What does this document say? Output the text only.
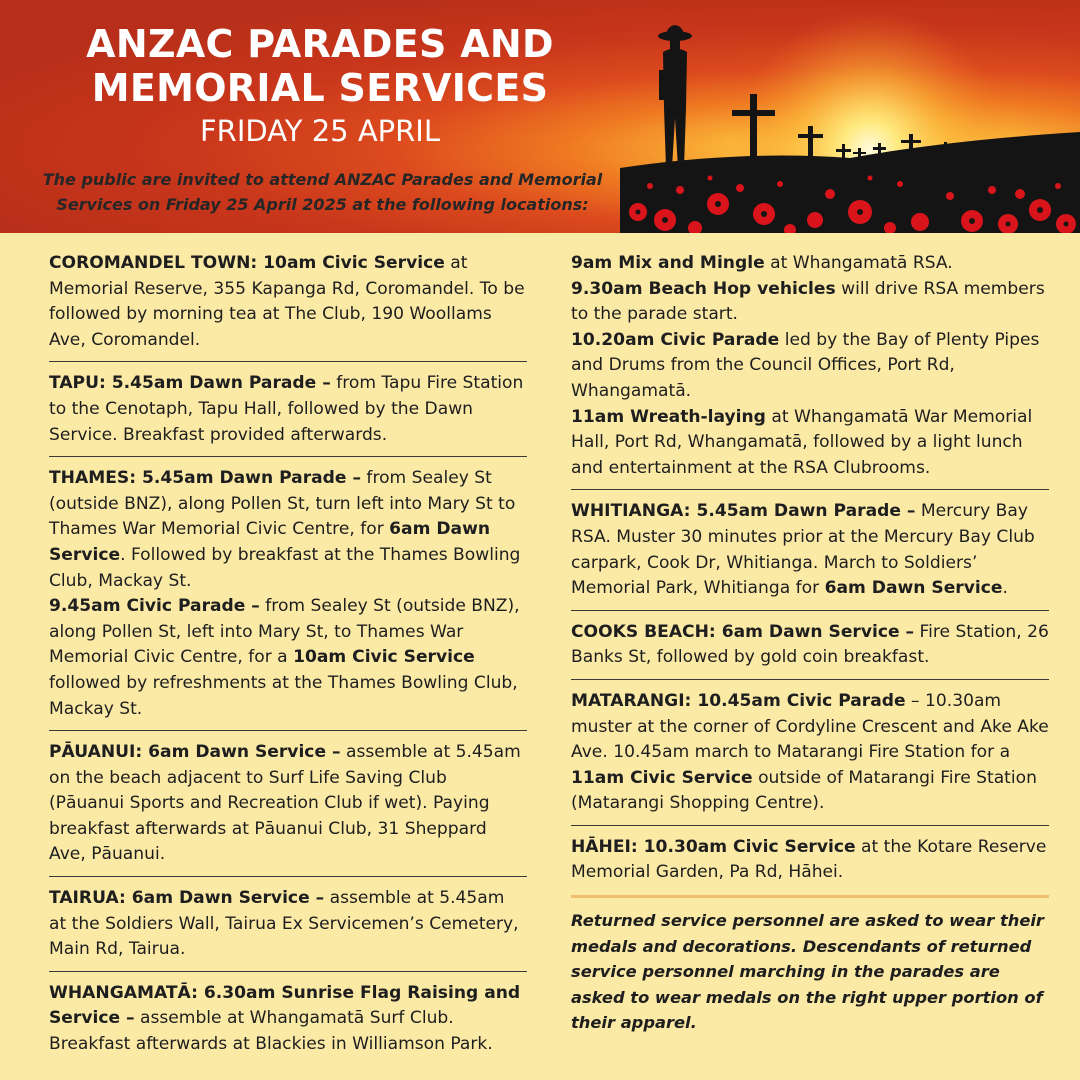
ANZAC PARADES AND
MEMORIAL SERVICES
FRIDAY 25 APRIL
The public are invited to attend ANZAC Parades and Memorial
Services on Friday 25 April 2025 at the following locations:
COROMANDEL TOWN: 10am Civic Service at Memorial Reserve, 355 Kapanga Rd, Coromandel. To be followed by morning tea at The Club, 190 Woollams Ave, Coromandel.
TAPU: 5.45am Dawn Parade – from Tapu Fire Station to the Cenotaph, Tapu Hall, followed by the Dawn Service. Breakfast provided afterwards.

THAMES: 5.45am Dawn Parade – from Sealey St (outside BNZ), along Pollen St, turn left into Mary St to Thames War Memorial Civic Centre, for 6am Dawn Service. Followed by breakfast at the Thames Bowling Club, Mackay St.

9.45am Civic Parade – from Sealey St (outside BNZ), along Pollen St, left into Mary St, to Thames War Memorial Civic Centre, for a 10am Civic Service followed by refreshments at the Thames Bowling Club, Mackay St.

PĀUANUI: 6am Dawn Service – assemble at 5.45am on the beach adjacent to Surf Life Saving Club (Pāuanui Sports and Recreation Club if wet). Paying breakfast afterwards at Pāuanui Club, 31 Sheppard Ave, Pāuanui.
TAIRUA: 6am Dawn Service – assemble at 5.45am at the Soldiers Wall, Tairua Ex Servicemen’s Cemetery, Main Rd, Tairua.
WHANGAMATĀ: 6.30am Sunrise Flag Raising and Service – assemble at Whangamatā Surf Club. Breakfast afterwards at Blackies in Williamson Park.

9am Mix and Mingle at Whangamatā RSA.

9.30am Beach Hop vehicles will drive RSA members to the parade start.

10.20am Civic Parade led by the Bay of Plenty Pipes and Drums from the Council Offices, Port Rd, Whangamatā.

11am Wreath-laying at Whangamatā War Memorial Hall, Port Rd, Whangamatā, followed by a light lunch and entertainment at the RSA Clubrooms.

WHITIANGA: 5.45am Dawn Parade – Mercury Bay RSA. Muster 30 minutes prior at the Mercury Bay Club carpark, Cook Dr, Whitianga. March to Soldiers’ Memorial Park, Whitianga for 6am Dawn Service.
COOKS BEACH: 6am Dawn Service – Fire Station, 26 Banks St, followed by gold coin breakfast.
MATARANGI: 10.45am Civic Parade – 10.30am muster at the corner of Cordyline Crescent and Ake Ake Ave. 10.45am march to Matarangi Fire Station for a 11am Civic Service outside of Matarangi Fire Station (Matarangi Shopping Centre).
HĀHEI: 10.30am Civic Service at the Kotare Reserve Memorial Garden, Pa Rd, Hāhei.
Returned service personnel are asked to wear their medals and decorations. Descendants of returned service personnel marching in the parades are asked to wear medals on the right upper portion of their apparel.
